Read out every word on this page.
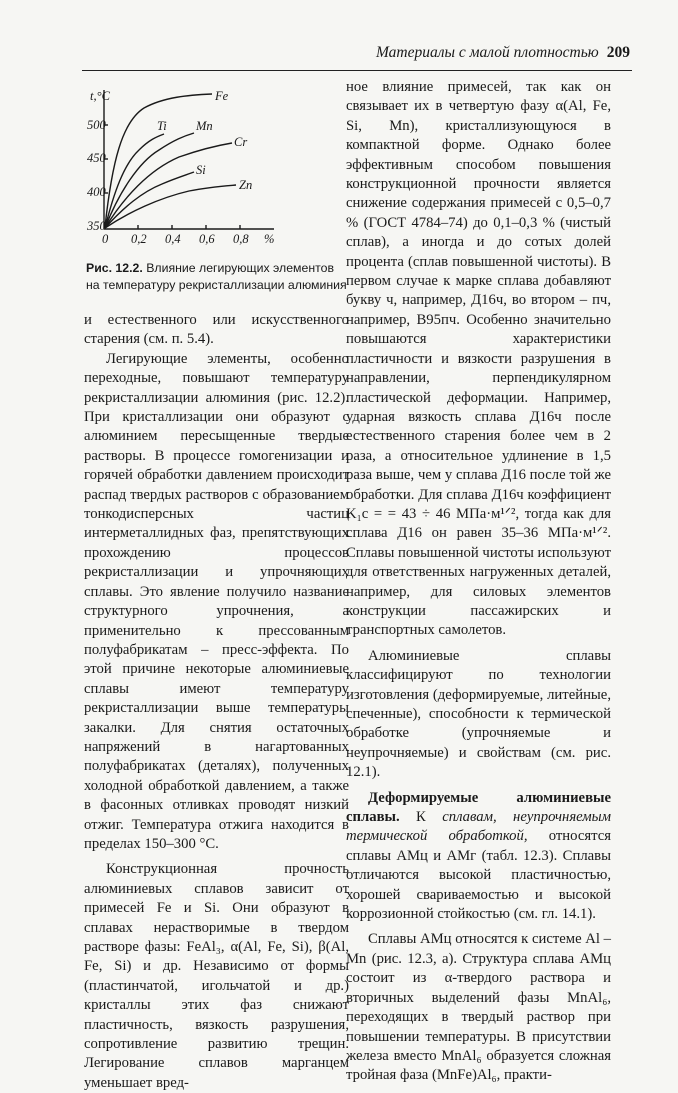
Материалы с малой плотностью 209
t,°C
500
450
400
350
0 0,2 0,4 0,6 0,8 %
Fe
Ti Mn
Cr
Si
Zn

Рис. 12.2. Влияние легирующих элементов на температуру рекристаллизации алюминия

и естественного или искусственного старения (см. п. 5.4).

Легирующие элементы, особенно переходные, повышают температуру рекристаллизации алюминия (рис. 12.2). При кристаллизации они образуют с алюминием пересыщенные твердые растворы. В процессе гомогенизации и горячей обработки давлением происходит распад твердых растворов с образованием тонкодисперсных частиц интерметаллидных фаз, препятствующих прохождению процессов рекристаллизации и упрочняющих сплавы. Это явление получило название структурного упрочнения, а применительно к прессованным полуфабрикатам – пресс-эффекта. По этой причине некоторые алюминиевые сплавы имеют температуру рекристаллизации выше температуры закалки. Для снятия остаточных напряжений в нагартованных полуфабрикатах (деталях), полученных холодной обработкой давлением, а также в фасонных отливках проводят низкий отжиг. Температура отжига находится в пределах 150–300 °C.

Конструкционная прочность алюминиевых сплавов зависит от примесей Fe и Si. Они образуют в сплавах нерастворимые в твердом растворе фазы: FeAl₃, α(Al, Fe, Si), β(Al, Fe, Si) и др. Независимо от формы (пластинчатой, игольчатой и др.) кристаллы этих фаз снижают пластичность, вязкость разрушения, сопротивление развитию трещин. Легирование сплавов марганцем уменьшает вред-

ное влияние примесей, так как он связывает их в четвертую фазу α(Al, Fe, Si, Mn), кристаллизующуюся в компактной форме. Однако более эффективным способом повышения конструкционной прочности является снижение содержания примесей с 0,5–0,7 % (ГОСТ 4784–74) до 0,1–0,3 % (чистый сплав), а иногда и до сотых долей процента (сплав повышенной чистоты). В первом случае к марке сплава добавляют букву ч, например, Д16ч, во втором – пч, например, В95пч. Особенно значительно повышаются характеристики пластичности и вязкости разрушения в направлении, перпендикулярном пластической деформации. Например, ударная вязкость сплава Д16ч после естественного старения более чем в 2 раза, а относительное удлинение в 1,5 раза выше, чем у сплава Д16 после той же обработки. Для сплава Д16ч коэффициент K₁c = = 43 ÷ 46 МПа·м¹ᐟ², тогда как для сплава Д16 он равен 35–36 МПа·м¹ᐟ². Сплавы повышенной чистоты используют для ответственных нагруженных деталей, например, для силовых элементов конструкции пассажирских и транспортных самолетов.

Алюминиевые сплавы классифицируют по технологии изготовления (деформируемые, литейные, спеченные), способности к термической обработке (упрочняемые и неупрочняемые) и свойствам (см. рис. 12.1).

Деформируемые алюминиевые сплавы. К сплавам, неупрочняемым термической обработкой, относятся сплавы АМц и АМг (табл. 12.3). Сплавы отличаются высокой пластичностью, хорошей свариваемостью и высокой коррозионной стойкостью (см. гл. 14.1).

Сплавы АМц относятся к системе Al – Mn (рис. 12.3, а). Структура сплава АМц состоит из α-твердого раствора и вторичных выделений фазы MnAl₆, переходящих в твердый раствор при повышении температуры. В присутствии железа вместо MnAl₆ образуется сложная тройная фаза (MnFe)Al₆, практи-
